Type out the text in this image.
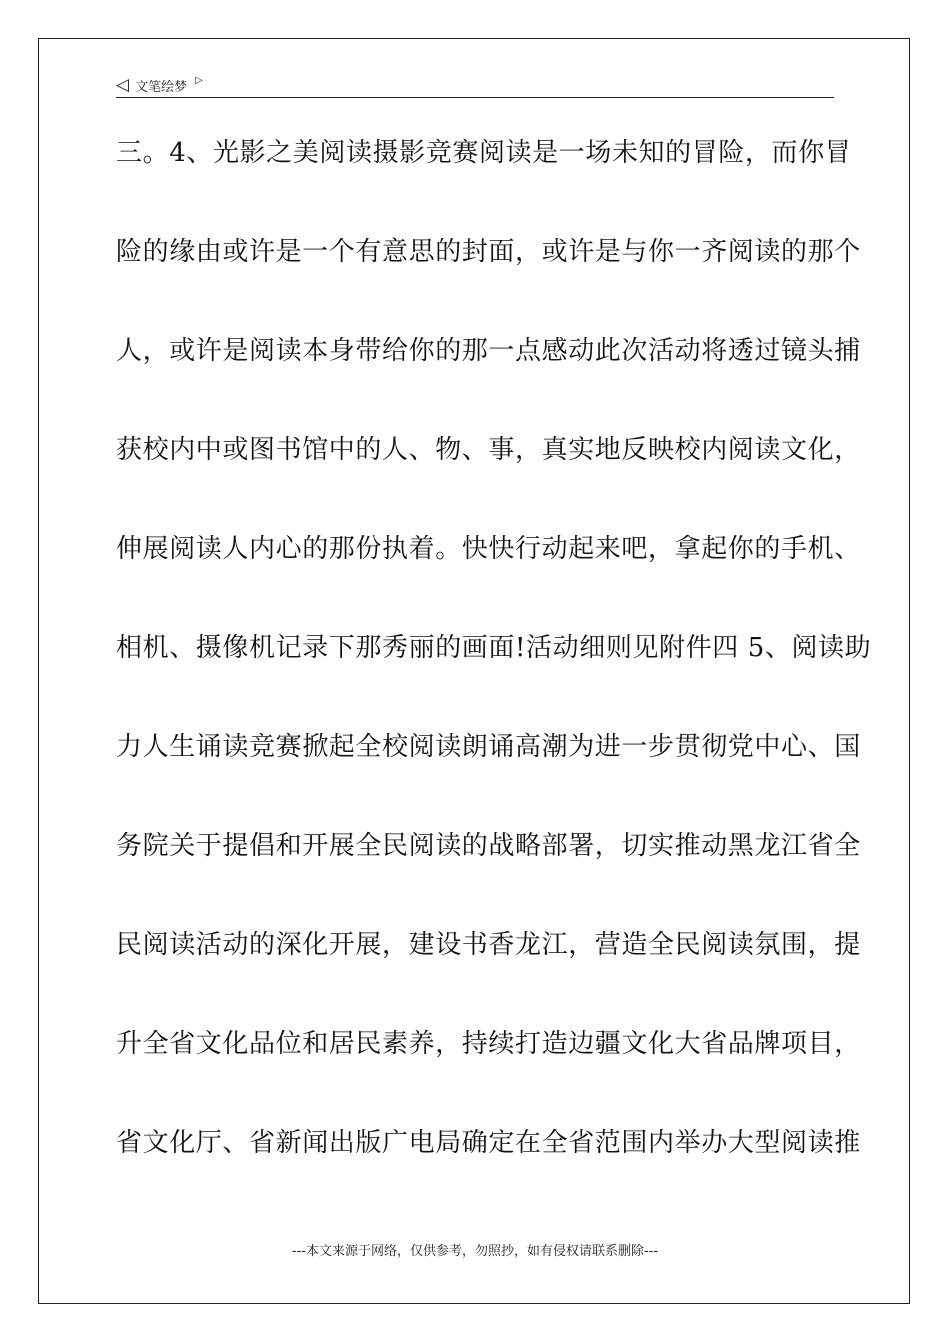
◁ 文笔绘梦 ▷
三。4、光影之美阅读摄影竞赛阅读是一场未知的冒险，而你冒
险的缘由或许是一个有意思的封面，或许是与你一齐阅读的那个
人，或许是阅读本身带给你的那一点感动此次活动将透过镜头捕
获校内中或图书馆中的人、物、事，真实地反映校内阅读文化，
伸展阅读人内心的那份执着。快快行动起来吧，拿起你的手机、
相机、摄像机记录下那秀丽的画面!活动细则见附件四 5、阅读助
力人生诵读竞赛掀起全校阅读朗诵高潮为进一步贯彻党中心、国
务院关于提倡和开展全民阅读的战略部署，切实推动黑龙江省全
民阅读活动的深化开展，建设书香龙江，营造全民阅读氛围，提
升全省文化品位和居民素养，持续打造边疆文化大省品牌项目，
省文化厅、省新闻出版广电局确定在全省范围内举办大型阅读推
---本文来源于网络，仅供参考，勿照抄，如有侵权请联系删除---
